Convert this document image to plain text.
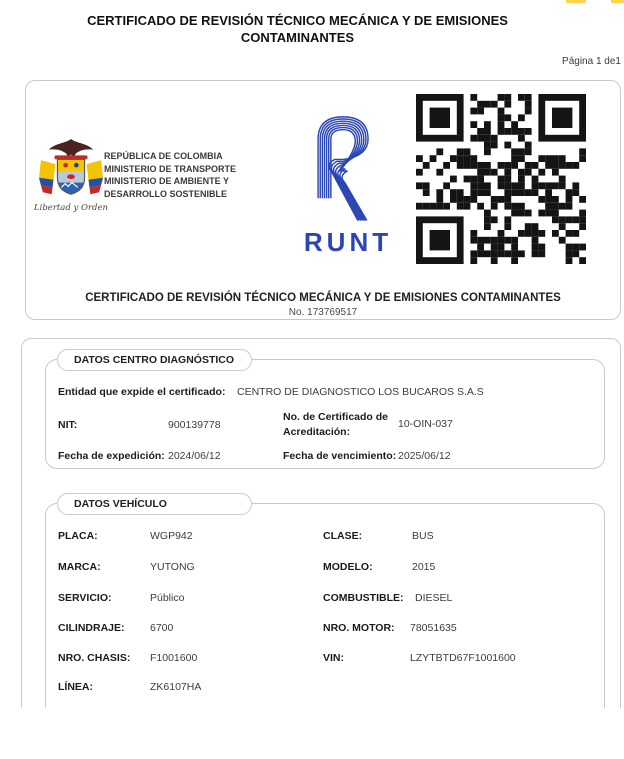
CERTIFICADO DE REVISIÓN TÉCNICO MECÁNICA Y DE EMISIONES
CONTAMINANTES
Página 1 de1
Libertad y Orden
REPÚBLICA DE COLOMBIA
MINISTERIO DE TRANSPORTE
MINISTERIO DE AMBIENTE Y
DESARROLLO SOSTENIBLE
RUNT
CERTIFICADO DE REVISIÓN TÉCNICO MECÁNICA Y DE EMISIONES CONTAMINANTES
No. 173769517
DATOS CENTRO DIAGNÓSTICO
Entidad que expide el certificado: CENTRO DE DIAGNOSTICO LOS BUCAROS S.A.S
NIT:	900139778
No. de Certificado de Acreditación:
10-OIN-037
Fecha de expedición: 2024/06/12	Fecha de vencimiento: 2025/06/12
DATOS VEHÍCULO
PLACA:	WGP942	CLASE:	BUS
MARCA:	YUTONG	MODELO:	2015
SERVICIO:	Público	COMBUSTIBLE: DIESEL
CILINDRAJE: 6700	NRO. MOTOR: 78051635
NRO. CHASIS: F1001600	VIN:	LZYTBTD67F1001600
LÍNEA:	ZK6107HA
